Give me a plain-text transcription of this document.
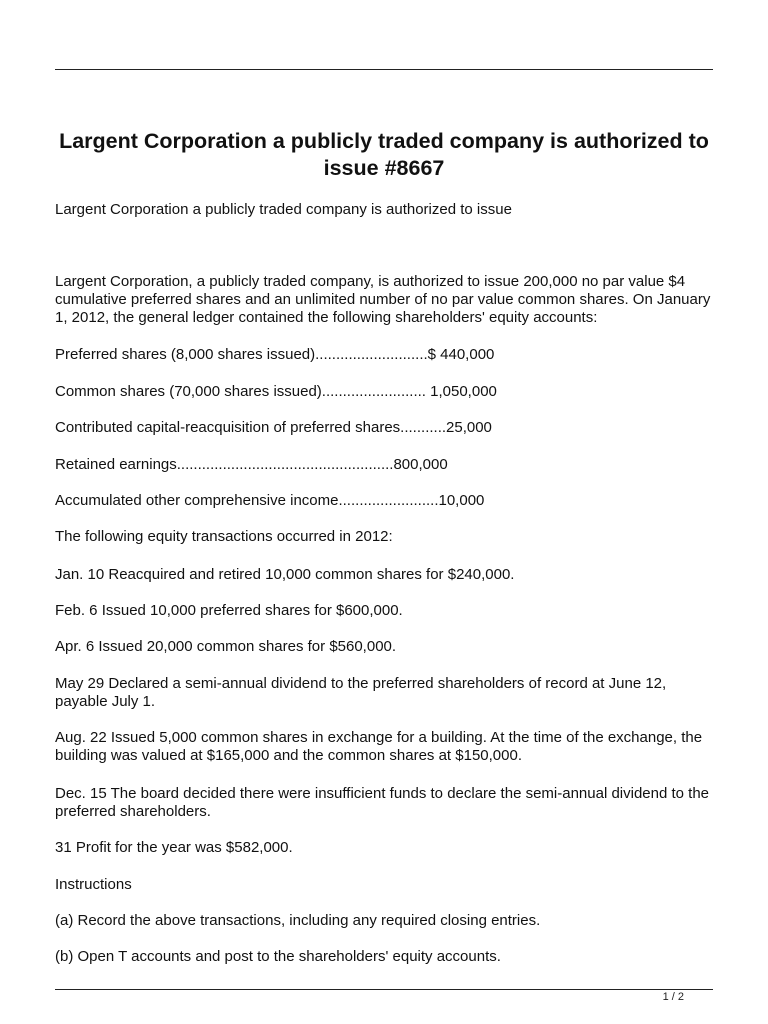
Largent Corporation a publicly traded company is authorized to issue #8667

Largent Corporation a publicly traded company is authorized to issue

Largent Corporation, a publicly traded company, is authorized to issue 200,000 no par value $4 cumulative preferred shares and an unlimited number of no par value common shares. On January 1, 2012, the general ledger contained the following shareholders' equity accounts:

Preferred shares (8,000 shares issued)...........................$ 440,000

Common shares (70,000 shares issued)......................... 1,050,000

Contributed capital-reacquisition of preferred shares...........25,000

Retained earnings....................................................800,000

Accumulated other comprehensive income........................10,000

The following equity transactions occurred in 2012:

Jan. 10 Reacquired and retired 10,000 common shares for $240,000.

Feb. 6 Issued 10,000 preferred shares for $600,000.

Apr. 6 Issued 20,000 common shares for $560,000.

May 29 Declared a semi-annual dividend to the preferred shareholders of record at June 12, payable July 1.

Aug. 22 Issued 5,000 common shares in exchange for a building. At the time of the exchange, the building was valued at $165,000 and the common shares at $150,000.

Dec. 15 The board decided there were insufficient funds to declare the semi-annual dividend to the preferred shareholders.

31 Profit for the year was $582,000.

Instructions

(a) Record the above transactions, including any required closing entries.

(b) Open T accounts and post to the shareholders' equity accounts.

1 / 2
